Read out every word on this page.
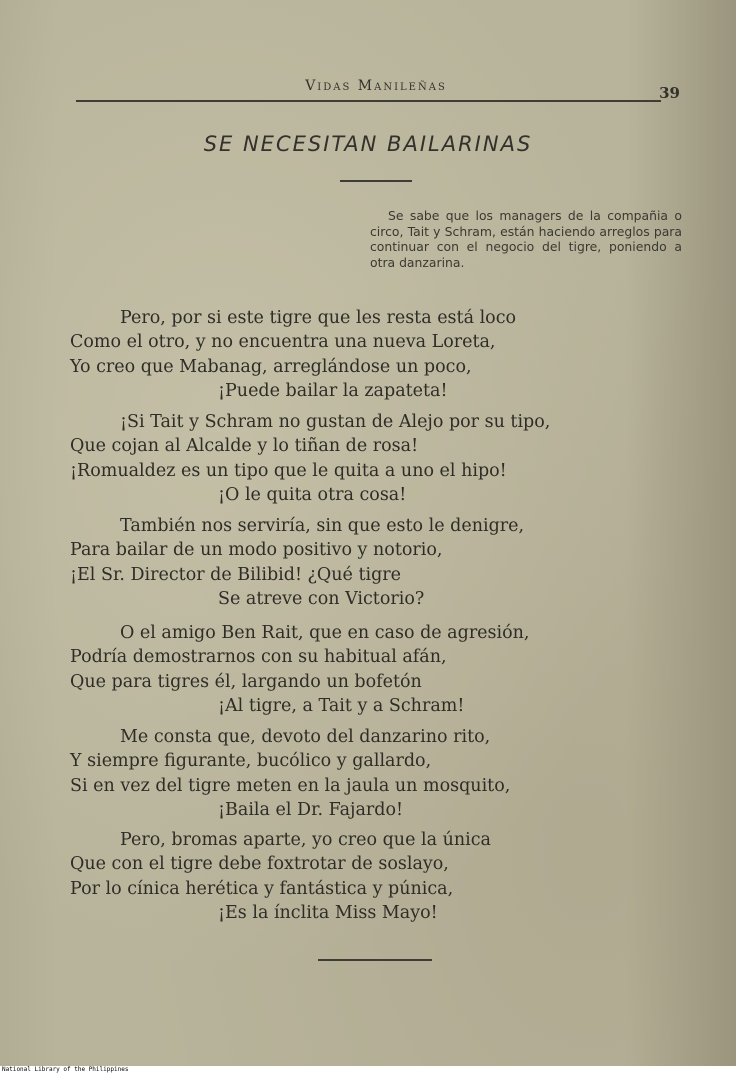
Vidas Manileñas	39
SE NECESITAN BAILARINAS
Se sabe que los managers de la compañia o circo, Tait y Schram, están haciendo arreglos para continuar con el negocio del tigre, poniendo a otra danzarina.
Pero, por si este tigre que les resta está loco
Como el otro, y no encuentra una nueva Loreta,
Yo creo que Mabanag, arreglándose un poco,
¡Puede bailar la zapateta!
¡Si Tait y Schram no gustan de Alejo por su tipo,
Que cojan al Alcalde y lo tiñan de rosa!
¡Romualdez es un tipo que le quita a uno el hipo!
¡O le quita otra cosa!
También nos serviría, sin que esto le denigre,
Para bailar de un modo positivo y notorio,
¡El Sr. Director de Bilibid! ¿Qué tigre
Se atreve con Victorio?
O el amigo Ben Rait, que en caso de agresión,
Podría demostrarnos con su habitual afán,
Que para tigres él, largando un bofetón
¡Al tigre, a Tait y a Schram!
Me consta que, devoto del danzarino rito,
Y siempre figurante, bucólico y gallardo,
Si en vez del tigre meten en la jaula un mosquito,
¡Baila el Dr. Fajardo!
Pero, bromas aparte, yo creo que la única
Que con el tigre debe foxtrotar de soslayo,
Por lo cínica herética y fantástica y púnica,
¡Es la ínclita Miss Mayo!
National Library of the Philippines
